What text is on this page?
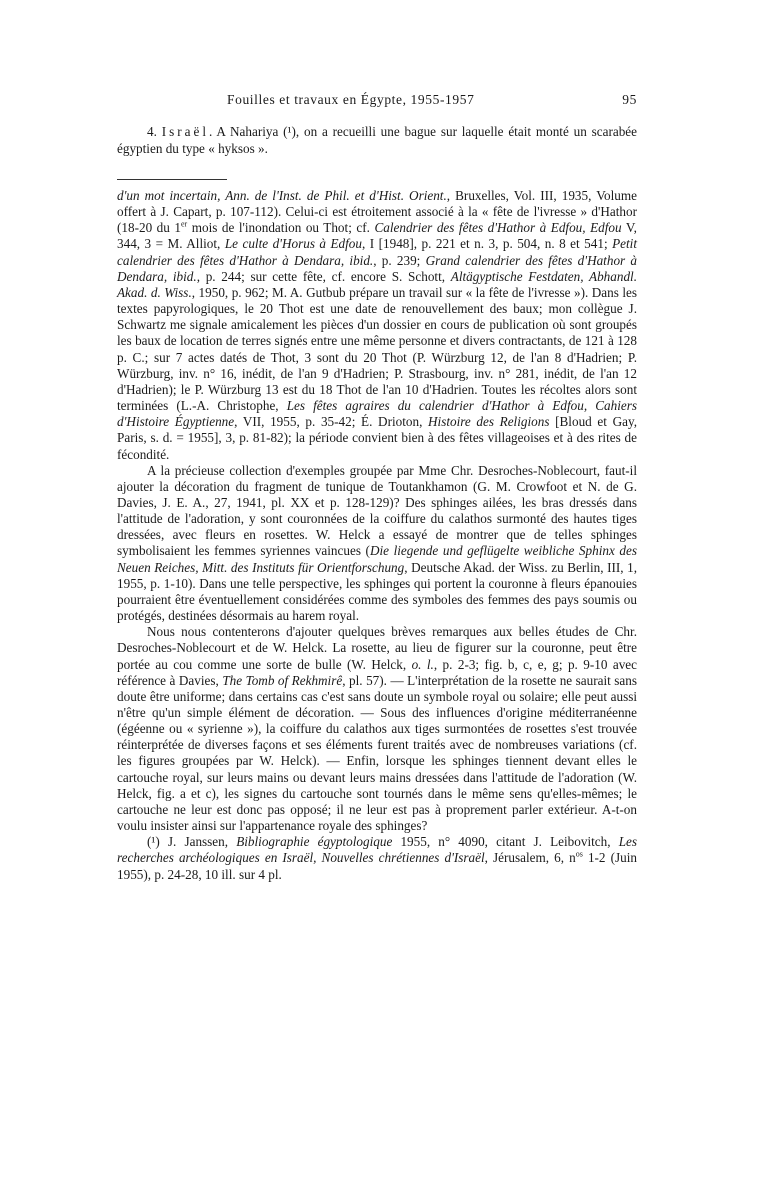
Fouilles et travaux en Égypte, 1955-1957	95

4. Israël. A Nahariya (¹), on a recueilli une bague sur laquelle était monté un scarabée égyptien du type « hyksos ».

d'un mot incertain, Ann. de l'Inst. de Phil. et d'Hist. Orient., Bruxelles, Vol. III, 1935, Volume offert à J. Capart, p. 107-112). Celui-ci est étroitement associé à la « fête de l'ivresse » d'Hathor (18-20 du 1er mois de l'inondation ou Thot; cf. Calendrier des fêtes d'Hathor à Edfou, Edfou V, 344, 3 = M. Alliot, Le culte d'Horus à Edfou, I [1948], p. 221 et n. 3, p. 504, n. 8 et 541; Petit calendrier des fêtes d'Hathor à Dendara, ibid., p. 239; Grand calendrier des fêtes d'Hathor à Dendara, ibid., p. 244; sur cette fête, cf. encore S. Schott, Altägyptische Festdaten, Abhandl. Akad. d. Wiss., 1950, p. 962; M. A. Gutbub prépare un travail sur « la fête de l'ivresse »). Dans les textes papyrologiques, le 20 Thot est une date de renouvellement des baux; mon collègue J. Schwartz me signale amicalement les pièces d'un dossier en cours de publication où sont groupés les baux de location de terres signés entre une même personne et divers contractants, de 121 à 128 p. C.; sur 7 actes datés de Thot, 3 sont du 20 Thot (P. Würzburg 12, de l'an 8 d'Hadrien; P. Würzburg, inv. n° 16, inédit, de l'an 9 d'Hadrien; P. Strasbourg, inv. n° 281, inédit, de l'an 12 d'Hadrien); le P. Würzburg 13 est du 18 Thot de l'an 10 d'Hadrien. Toutes les récoltes alors sont terminées (L.-A. Christophe, Les fêtes agraires du calendrier d'Hathor à Edfou, Cahiers d'Histoire Égyptienne, VII, 1955, p. 35-42; É. Drioton, Histoire des Religions [Bloud et Gay, Paris, s. d. = 1955], 3, p. 81-82); la période convient bien à des fêtes villageoises et à des rites de fécondité.

A la précieuse collection d'exemples groupée par Mme Chr. Desroches-Noblecourt, faut-il ajouter la décoration du fragment de tunique de Toutankhamon (G. M. Crowfoot et N. de G. Davies, J. E. A., 27, 1941, pl. XX et p. 128-129)? Des sphinges ailées, les bras dressés dans l'attitude de l'adoration, y sont couronnées de la coiffure du calathos surmonté des hautes tiges dressées, avec fleurs en rosettes. W. Helck a essayé de montrer que de telles sphinges symbolisaient les femmes syriennes vaincues (Die liegende und geflügelte weibliche Sphinx des Neuen Reiches, Mitt. des Instituts für Orientforschung, Deutsche Akad. der Wiss. zu Berlin, III, 1, 1955, p. 1-10). Dans une telle perspective, les sphinges qui portent la couronne à fleurs épanouies pourraient être éventuellement considérées comme des symboles des femmes des pays soumis ou protégés, destinées désormais au harem royal.

Nous nous contenterons d'ajouter quelques brèves remarques aux belles études de Chr. Desroches-Noblecourt et de W. Helck. La rosette, au lieu de figurer sur la couronne, peut être portée au cou comme une sorte de bulle (W. Helck, o. l., p. 2-3; fig. b, c, e, g; p. 9-10 avec référence à Davies, The Tomb of Rekhmirê, pl. 57). — L'interprétation de la rosette ne saurait sans doute être uniforme; dans certains cas c'est sans doute un symbole royal ou solaire; elle peut aussi n'être qu'un simple élément de décoration. — Sous des influences d'origine méditerranéenne (égéenne ou « syrienne »), la coiffure du calathos aux tiges surmontées de rosettes s'est trouvée réinterprétée de diverses façons et ses éléments furent traités avec de nombreuses variations (cf. les figures groupées par W. Helck). — Enfin, lorsque les sphinges tiennent devant elles le cartouche royal, sur leurs mains ou devant leurs mains dressées dans l'attitude de l'adoration (W. Helck, fig. a et c), les signes du cartouche sont tournés dans le même sens qu'elles-mêmes; le cartouche ne leur est donc pas opposé; il ne leur est pas à proprement parler extérieur. A-t-on voulu insister ainsi sur l'appartenance royale des sphinges?

(¹) J. Janssen, Bibliographie égyptologique 1955, n° 4090, citant J. Leibovitch, Les recherches archéologiques en Israël, Nouvelles chrétiennes d'Israël, Jérusalem, 6, $n^{os}$ 1-2 (Juin 1955), p. 24-28, 10 ill. sur 4 pl.
